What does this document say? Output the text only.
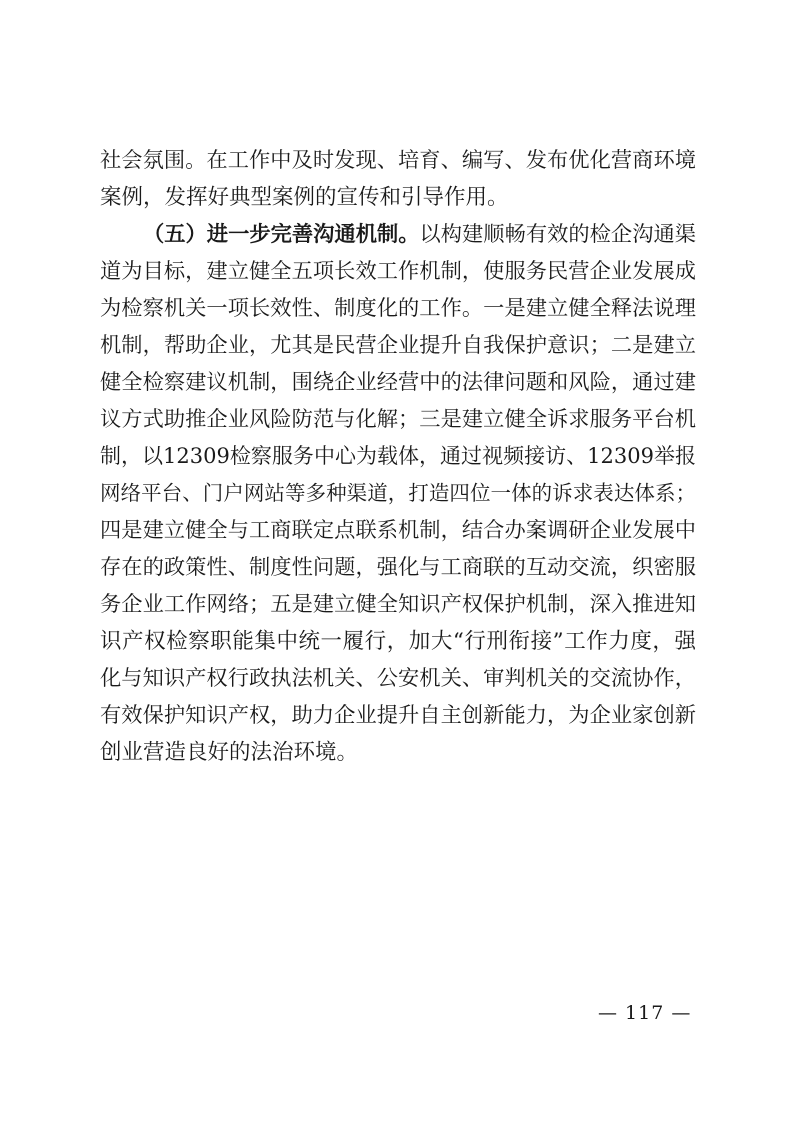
社会氛围。在工作中及时发现、培育、编写、发布优化营商环境
案例，发挥好典型案例的宣传和引导作用。

（五）进一步完善沟通机制。以构建顺畅有效的检企沟通渠
道为目标，建立健全五项长效工作机制，使服务民营企业发展成
为检察机关一项长效性、制度化的工作。一是建立健全释法说理
机制，帮助企业，尤其是民营企业提升自我保护意识；二是建立
健全检察建议机制，围绕企业经营中的法律问题和风险，通过建
议方式助推企业风险防范与化解；三是建立健全诉求服务平台机
制，以12309检察服务中心为载体，通过视频接访、12309举报
网络平台、门户网站等多种渠道，打造四位一体的诉求表达体系；
四是建立健全与工商联定点联系机制，结合办案调研企业发展中
存在的政策性、制度性问题，强化与工商联的互动交流，织密服
务企业工作网络；五是建立健全知识产权保护机制，深入推进知
识产权检察职能集中统一履行，加大“行刑衔接”工作力度，强
化与知识产权行政执法机关、公安机关、审判机关的交流协作，
有效保护知识产权，助力企业提升自主创新能力，为企业家创新
创业营造良好的法治环境。

— 117 —
